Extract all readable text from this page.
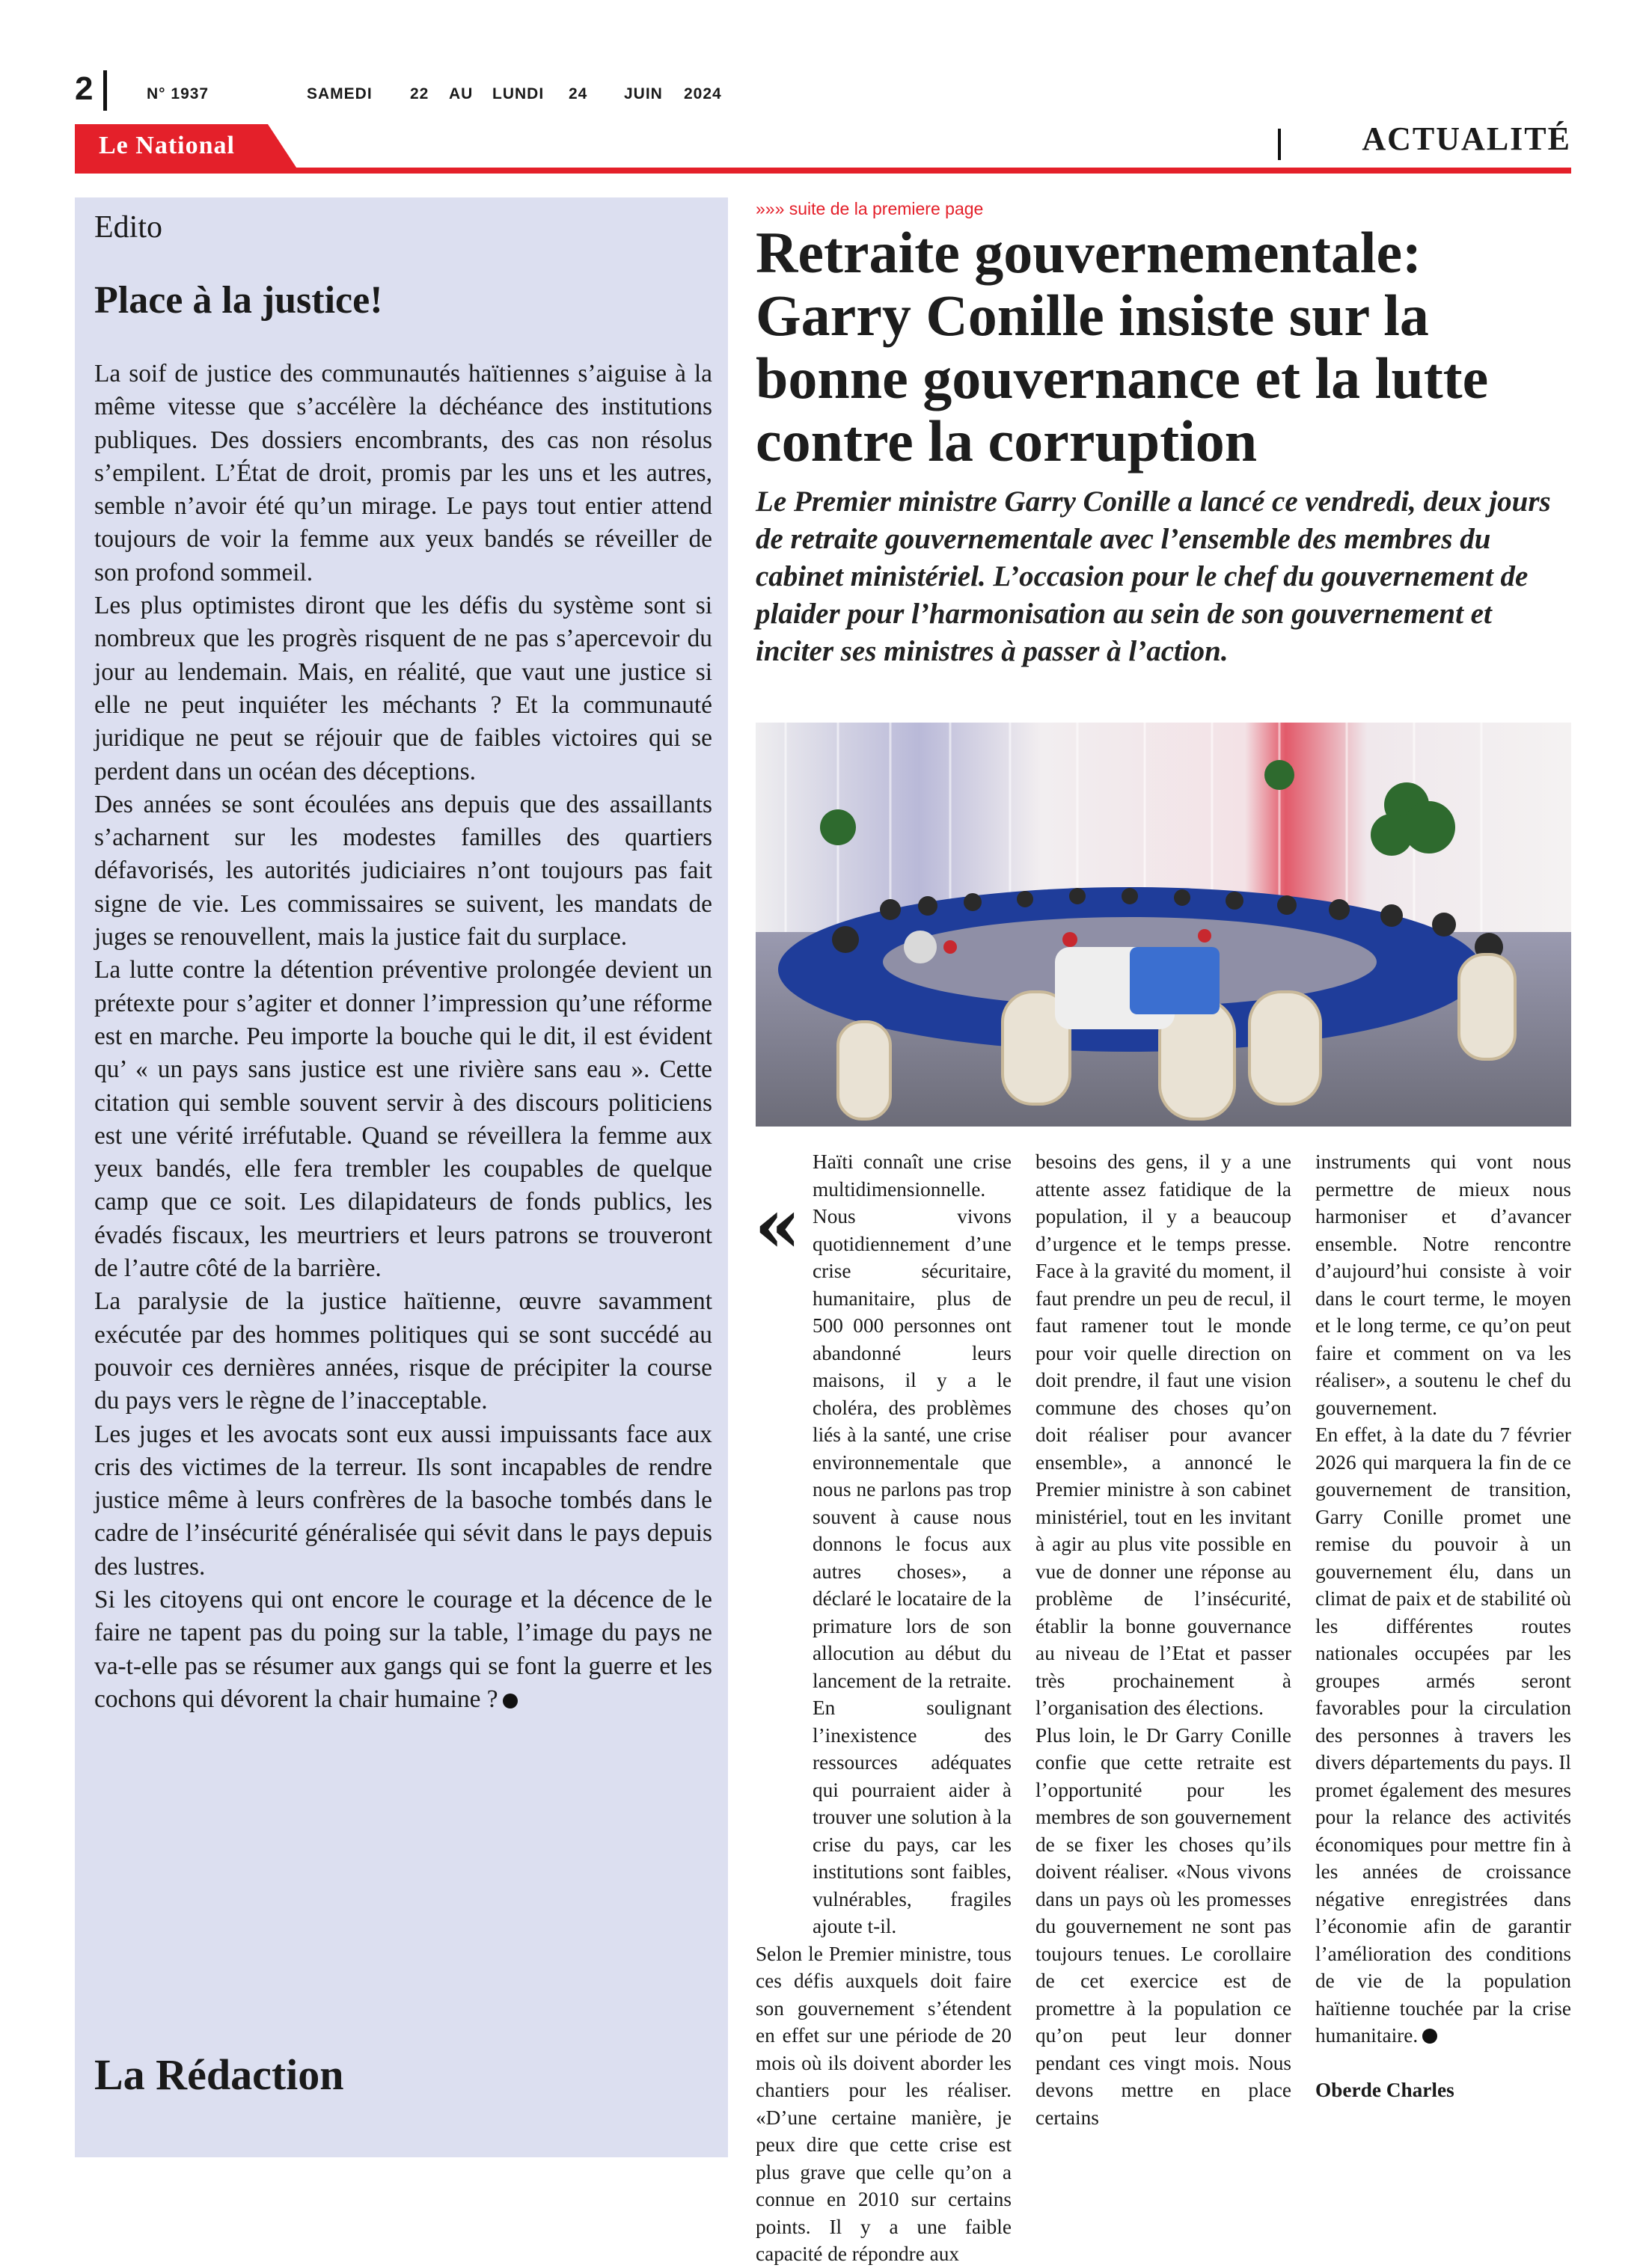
2	N° 1937	SAMEDI 22 AU LUNDI 24 JUIN 2024
Le National	ACTUALITÉ
Edito
Place à la justice!

La soif de justice des communautés haïtiennes s’aiguise à la même vitesse que s’accélère la déchéance des institutions publiques. Des dossiers encombrants, des cas non résolus s’empilent. L’État de droit, promis par les uns et les autres, semble n’avoir été qu’un mirage. Le pays tout entier attend toujours de voir la femme aux yeux bandés se réveiller de son profond sommeil.

Les plus optimistes diront que les défis du système sont si nombreux que les progrès risquent de ne pas s’apercevoir du jour au lendemain. Mais, en réalité, que vaut une justice si elle ne peut inquiéter les méchants ? Et la communauté juridique ne peut se réjouir que de faibles victoires qui se perdent dans un océan des déceptions.

Des années se sont écoulées ans depuis que des assaillants s’acharnent sur les modestes familles des quartiers défavorisés, les autorités judiciaires n’ont toujours pas fait signe de vie. Les commissaires se suivent, les mandats de juges se renouvellent, mais la justice fait du surplace.

La lutte contre la détention préventive prolongée devient un prétexte pour s’agiter et donner l’impression qu’une réforme est en marche. Peu importe la bouche qui le dit, il est évident qu’ « un pays sans justice est une rivière sans eau ». Cette citation qui semble souvent servir à des discours politiciens est une vérité irréfutable. Quand se réveillera la femme aux yeux bandés, elle fera trembler les coupables de quelque camp que ce soit. Les dilapidateurs de fonds publics, les évadés fiscaux, les meurtriers et leurs patrons se trouveront de l’autre côté de la barrière.

La paralysie de la justice haïtienne, œuvre savamment exécutée par des hommes politiques qui se sont succédé au pouvoir ces dernières années, risque de précipiter la course du pays vers le règne de l’inacceptable.

Les juges et les avocats sont eux aussi impuissants face aux cris des victimes de la terreur. Ils sont incapables de rendre justice même à leurs confrères de la basoche tombés dans le cadre de l’insécurité généralisée qui sévit dans le pays depuis des lustres.

Si les citoyens qui ont encore le courage et la décence de le faire ne tapent pas du poing sur la table, l’image du pays ne va-t-elle pas se résumer aux gangs qui se font la guerre et les cochons qui dévorent la chair humaine ?

La Rédaction
»»» suite de la premiere page
Retraite gouvernementale: Garry Conille insiste sur la bonne gouvernance et la lutte contre la corruption
Le Premier ministre Garry Conille a lancé ce vendredi, deux jours de retraite gouvernementale avec l’ensemble des membres du cabinet ministériel. L’occasion pour le chef du gouvernement de plaider pour l’harmonisation au sein de son gouvernement et inciter ses ministres à passer à l’action.
«

Haïti connaît une crise multidimensionnelle. Nous vivons quotidiennement d’une crise sécuritaire, humanitaire, plus de 500 000 personnes ont abandonné leurs maisons, il y a le choléra, des problèmes liés à la santé, une crise environnementale que nous ne parlons pas trop souvent à cause nous donnons le focus aux autres choses», a déclaré le locataire de la primature lors de son allocution au début du lancement de la retraite. En soulignant l’inexistence des ressources adéquates qui pourraient aider à trouver une solution à la crise du pays, car les institutions sont faibles, vulnérables, fragiles ajoute t-il.

Selon le Premier ministre, tous ces défis auxquels doit faire son gouvernement s’étendent en effet sur une période de 20 mois où ils doivent aborder les chantiers pour les réaliser. «D’une certaine manière, je peux dire que cette crise est plus grave que celle qu’on a connue en 2010 sur certains points. Il y a une faible capacité de répondre aux

besoins des gens, il y a une attente assez fatidique de la population, il y a beaucoup d’urgence et le temps presse. Face à la gravité du moment, il faut prendre un peu de recul, il faut ramener tout le monde pour voir quelle direction on doit prendre, il faut une vision commune des choses qu’on doit réaliser pour avancer ensemble», a annoncé le Premier ministre à son cabinet ministériel, tout en les invitant à agir au plus vite possible en vue de donner une réponse au problème de l’insécurité, établir la bonne gouvernance au niveau de l’Etat et passer très prochainement à l’organisation des élections.

Plus loin, le Dr Garry Conille confie que cette retraite est l’opportunité pour les membres de son gouvernement de se fixer les choses qu’ils doivent réaliser. «Nous vivons dans un pays où les promesses du gouvernement ne sont pas toujours tenues. Le corollaire de cet exercice est de promettre à la population ce qu’on peut leur donner pendant ces vingt mois. Nous devons mettre en place certains

instruments qui vont nous permettre de mieux nous harmoniser et d’avancer ensemble. Notre rencontre d’aujourd’hui consiste à voir dans le court terme, le moyen et le long terme, ce qu’on peut faire et comment on va les réaliser», a soutenu le chef du gouvernement.

En effet, à la date du 7 février 2026 qui marquera la fin de ce gouvernement de transition, Garry Conille promet une remise du pouvoir à un gouvernement élu, dans un climat de paix et de stabilité où les différentes routes nationales occupées par les groupes armés seront favorables pour la circulation des personnes à travers les divers départements du pays. Il promet également des mesures pour la relance des activités économiques pour mettre fin à les années de croissance négative enregistrées dans l’économie afin de garantir l’amélioration des conditions de vie de la population haïtienne touchée par la crise humanitaire.

Oberde Charles
